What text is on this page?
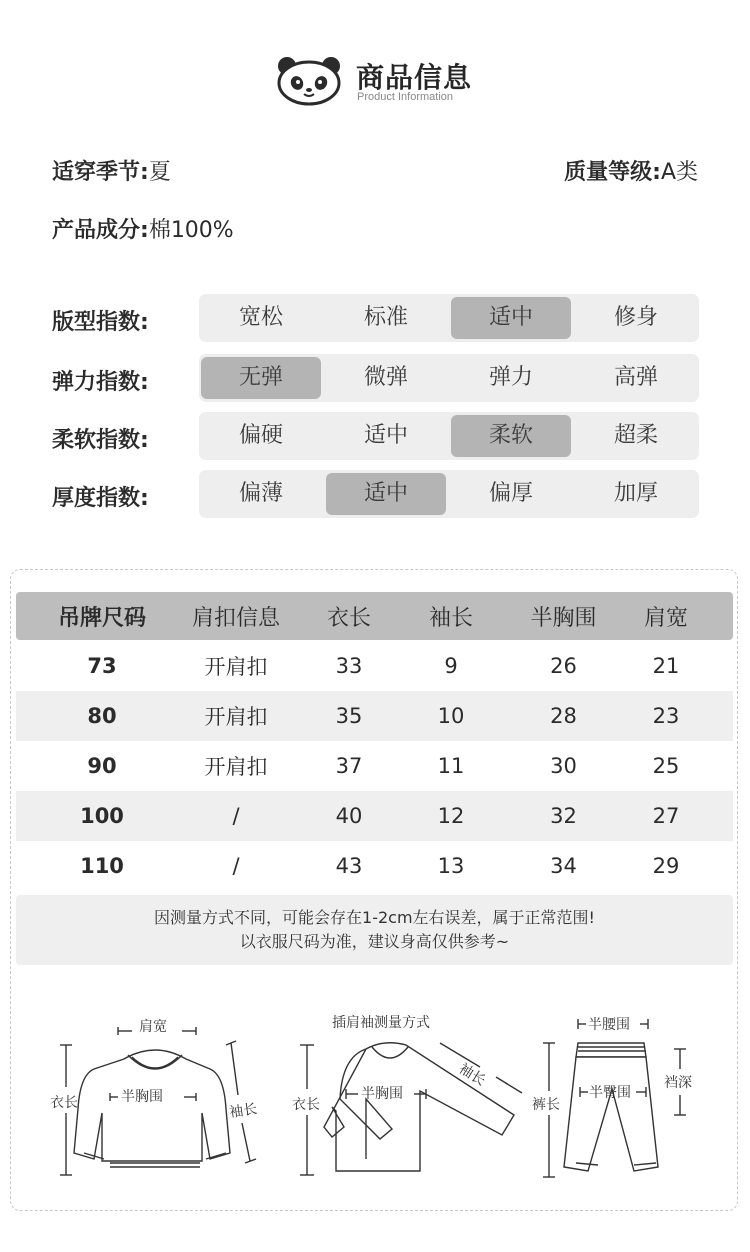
商品信息
Product Information
适穿季节:夏	质量等级:A类
产品成分:棉100%
版型指数:	宽松	标准	适中	修身
弹力指数:	无弹	微弹	弹力	高弹
柔软指数:	偏硬	适中	柔软	超柔
厚度指数:	偏薄	适中	偏厚	加厚
吊牌尺码	肩扣信息	衣长	袖长	半胸围	肩宽
73	开肩扣	33	9	26	21
80	开肩扣	35	10	28	23
90	开肩扣	37	11	30	25
100	/	40	12	32	27
110	/	43	13	34	29
因测量方式不同，可能会存在1-2cm左右误差，属于正常范围!
以衣服尺码为准，建议身高仅供参考~
肩宽
衣长	半胸围
袖长
插肩袖测量方式
衣长
半胸围
袖长
半腰围
裤长
半臀围
裆深
